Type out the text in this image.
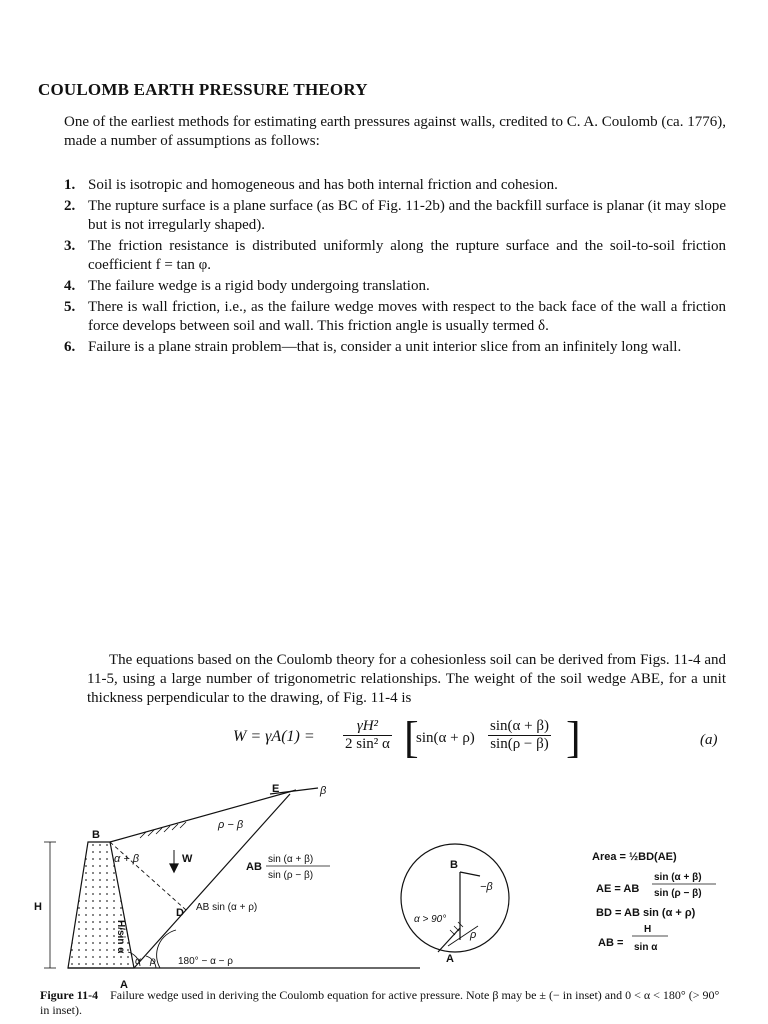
COULOMB EARTH PRESSURE THEORY
One of the earliest methods for estimating earth pressures against walls, credited to C. A. Coulomb (ca. 1776), made a number of assumptions as follows:
1. Soil is isotropic and homogeneous and has both internal friction and cohesion.
2. The rupture surface is a plane surface (as BC of Fig. 11-2b) and the backfill surface is planar (it may slope but is not irregularly shaped).
3. The friction resistance is distributed uniformly along the rupture surface and the soil-to-soil friction coefficient f = tan φ.
4. The failure wedge is a rigid body undergoing translation.
5. There is wall friction, i.e., as the failure wedge moves with respect to the back face of the wall a friction force develops between soil and wall. This friction angle is usually termed δ.
6. Failure is a plane strain problem—that is, consider a unit interior slice from an infinitely long wall.
The equations based on the Coulomb theory for a cohesionless soil can be derived from Figs. 11-4 and 11-5, using a large number of trigonometric relationships. The weight of the soil wedge ABE, for a unit thickness perpendicular to the drawing, of Fig. 11-4 is
$W = \gamma A(1) = \frac{\text{γH²}}{\text{2 sin² α}}$ [
$\sin(\alpha + \rho) \frac{\sin(\alpha + \beta)}{\sin(\rho - \beta)}$ ]	(a)
B
E	β
A
D
H
ρ − β
α + β	W
AB
sin (α + β)
sin (ρ − β)
AB sin (α + ρ)
H/sin α
α ρ 180° − α − ρ
B
A
−β
α > 90°
ρ
Area = ½BD(AE)
AE = AB
sin (α + β)
sin (ρ − β)
BD = AB sin (α + ρ)
AB =
H
sin α
Figure 11-4 Failure wedge used in deriving the Coulomb equation for active pressure. Note β may be ± (− in inset) and 0 < α < 180° (> 90° in inset).
